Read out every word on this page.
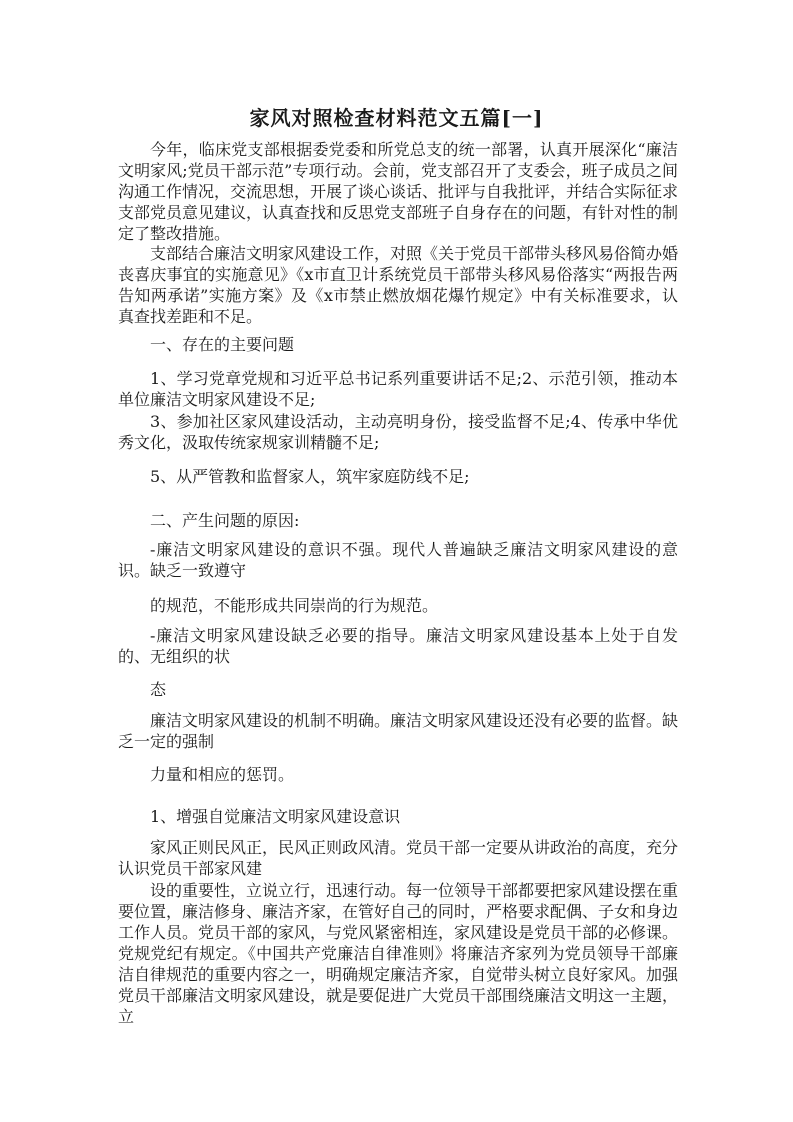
家风对照检查材料范文五篇[一]

今年，临床党支部根据委党委和所党总支的统一部署，认真开展深化“廉洁文明家风;党员干部示范”专项行动。会前，党支部召开了支委会，班子成员之间沟通工作情况，交流思想，开展了谈心谈话、批评与自我批评，并结合实际征求支部党员意见建议，认真查找和反思党支部班子自身存在的问题，有针对性的制定了整改措施。

支部结合廉洁文明家风建设工作，对照《关于党员干部带头移风易俗简办婚丧喜庆事宜的实施意见》《x市直卫计系统党员干部带头移风易俗落实“两报告两告知两承诺”实施方案》及《x市禁止燃放烟花爆竹规定》中有关标准要求，认真查找差距和不足。

一、存在的主要问题

1、学习党章党规和习近平总书记系列重要讲话不足;2、示范引领，推动本单位廉洁文明家风建设不足;

3、参加社区家风建设活动，主动亮明身份，接受监督不足;4、传承中华优秀文化，汲取传统家规家训精髓不足;

5、从严管教和监督家人，筑牢家庭防线不足;

二、产生问题的原因:

-廉洁文明家风建设的意识不强。现代人普遍缺乏廉洁文明家风建设的意识。缺乏一致遵守

的规范，不能形成共同崇尚的行为规范。

-廉洁文明家风建设缺乏必要的指导。廉洁文明家风建设基本上处于自发的、无组织的状

态

廉洁文明家风建设的机制不明确。廉洁文明家风建设还没有必要的监督。缺乏一定的强制

力量和相应的惩罚。

1、增强自觉廉洁文明家风建设意识

家风正则民风正，民风正则政风清。党员干部一定要从讲政治的高度，充分认识党员干部家风建

设的重要性，立说立行，迅速行动。每一位领导干部都要把家风建设摆在重要位置，廉洁修身、廉洁齐家，在管好自己的同时，严格要求配偶、子女和身边工作人员。党员干部的家风，与党风紧密相连，家风建设是党员干部的必修课。党规党纪有规定。《中国共产党廉洁自律准则》将廉洁齐家列为党员领导干部廉洁自律规范的重要内容之一，明确规定廉洁齐家，自觉带头树立良好家风。加强党员干部廉洁文明家风建设，就是要促进广大党员干部围绕廉洁文明这一主题，立
